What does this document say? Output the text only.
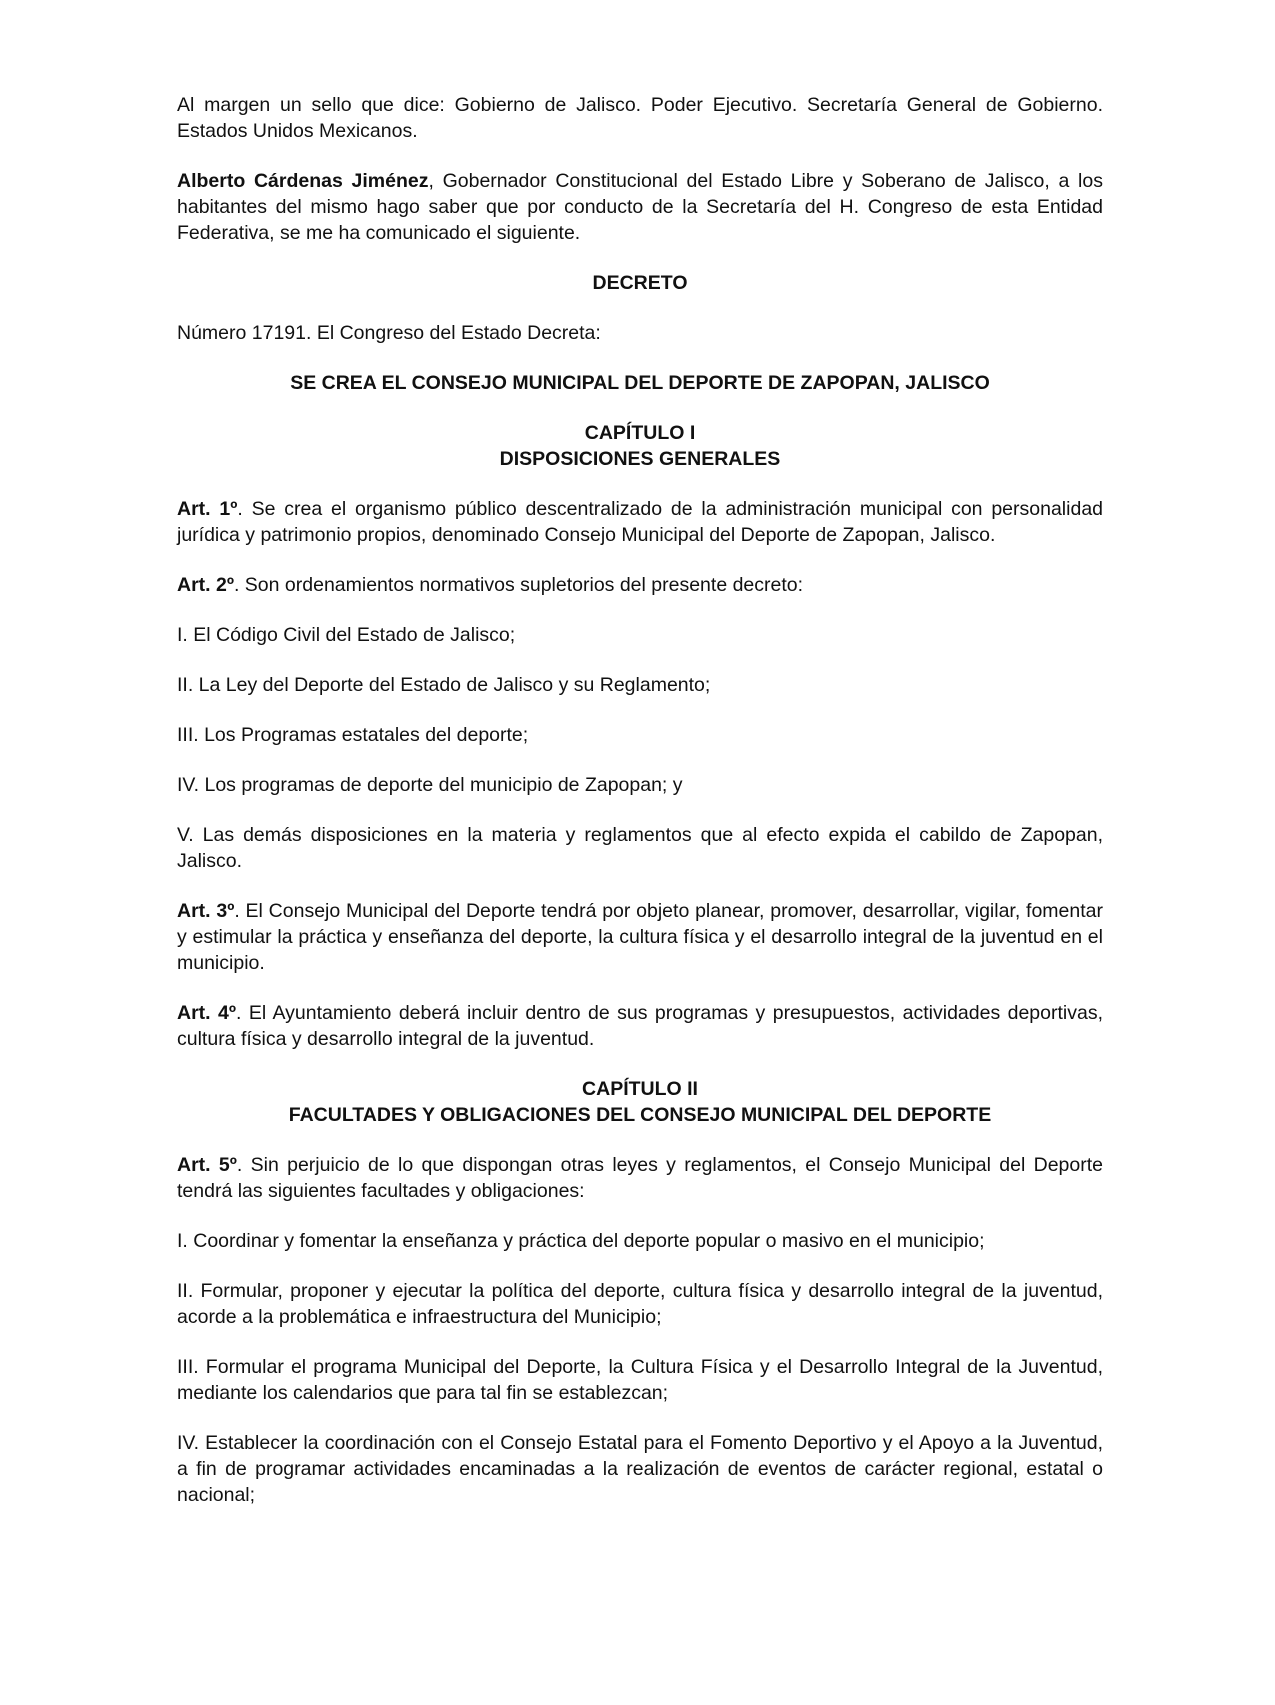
Al margen un sello que dice: Gobierno de Jalisco. Poder Ejecutivo. Secretaría General de Gobierno. Estados Unidos Mexicanos.

Alberto Cárdenas Jiménez, Gobernador Constitucional del Estado Libre y Soberano de Jalisco, a los habitantes del mismo hago saber que por conducto de la Secretaría del H. Congreso de esta Entidad Federativa, se me ha comunicado el siguiente.

DECRETO

Número 17191. El Congreso del Estado Decreta:

SE CREA EL CONSEJO MUNICIPAL DEL DEPORTE DE ZAPOPAN, JALISCO

CAPÍTULO I
DISPOSICIONES GENERALES

Art. 1º. Se crea el organismo público descentralizado de la administración municipal con personalidad jurídica y patrimonio propios, denominado Consejo Municipal del Deporte de Zapopan, Jalisco.

Art. 2º. Son ordenamientos normativos supletorios del presente decreto:

I. El Código Civil del Estado de Jalisco;

II. La Ley del Deporte del Estado de Jalisco y su Reglamento;

III. Los Programas estatales del deporte;

IV. Los programas de deporte del municipio de Zapopan; y

V. Las demás disposiciones en la materia y reglamentos que al efecto expida el cabildo de Zapopan, Jalisco.

Art. 3º. El Consejo Municipal del Deporte tendrá por objeto planear, promover, desarrollar, vigilar, fomentar y estimular la práctica y enseñanza del deporte, la cultura física y el desarrollo integral de la juventud en el municipio.

Art. 4º. El Ayuntamiento deberá incluir dentro de sus programas y presupuestos, actividades deportivas, cultura física y desarrollo integral de la juventud.

CAPÍTULO II
FACULTADES Y OBLIGACIONES DEL CONSEJO MUNICIPAL DEL DEPORTE

Art. 5º. Sin perjuicio de lo que dispongan otras leyes y reglamentos, el Consejo Municipal del Deporte tendrá las siguientes facultades y obligaciones:

I. Coordinar y fomentar la enseñanza y práctica del deporte popular o masivo en el municipio;

II. Formular, proponer y ejecutar la política del deporte, cultura física y desarrollo integral de la juventud, acorde a la problemática e infraestructura del Municipio;

III. Formular el programa Municipal del Deporte, la Cultura Física y el Desarrollo Integral de la Juventud, mediante los calendarios que para tal fin se establezcan;

IV. Establecer la coordinación con el Consejo Estatal para el Fomento Deportivo y el Apoyo a la Juventud, a fin de programar actividades encaminadas a la realización de eventos de carácter regional, estatal o nacional;
